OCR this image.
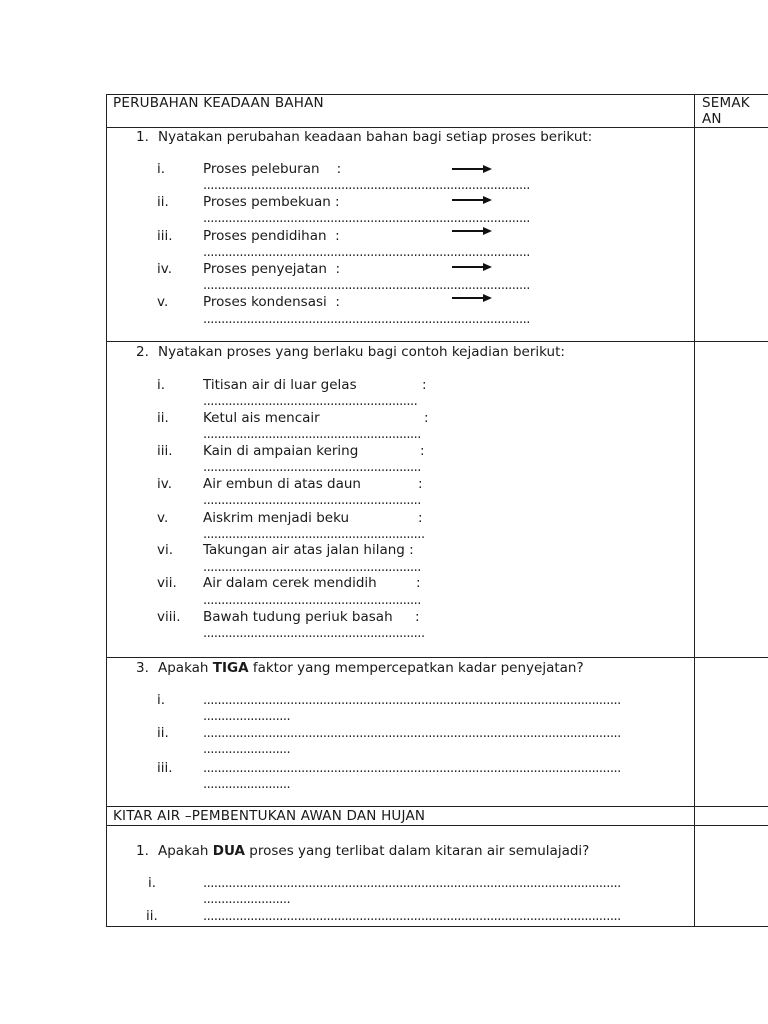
PERUBAHAN KEADAAN BAHAN	SEMAK
AN
1. Nyatakan perubahan keadaan bahan bagi setiap proses berikut:
i.	Proses peleburan    :
..........................................................................................
ii.	Proses pembekuan :
..........................................................................................
iii. Proses pendidihan  :
..........................................................................................
iv. Proses penyejatan  :
..........................................................................................
v.	Proses kondensasi  :
..........................................................................................
2. Nyatakan proses yang berlaku bagi contoh kejadian berikut:
i.	Titisan air di luar gelas	:
...........................................................
ii.	Ketul ais mencair	:
............................................................
iii. Kain di ampaian kering	:
............................................................
iv. Air embun di atas daun	:
............................................................
v.	Aiskrim menjadi beku	:
.............................................................
vi. Takungan air atas jalan hilang :
............................................................
vii. Air dalam cerek mendidih	:
............................................................
viii. Bawah tudung periuk basah :
.............................................................
3. Apakah TIGA faktor yang mempercepatkan kadar penyejatan?
i.	...................................................................................................................
........................
ii.	...................................................................................................................
........................
iii. ...................................................................................................................
........................
KITAR AIR –PEMBENTUKAN AWAN DAN HUJAN
1. Apakah DUA proses yang terlibat dalam kitaran air semulajadi?
i.	...................................................................................................................
........................
ii.	...................................................................................................................
